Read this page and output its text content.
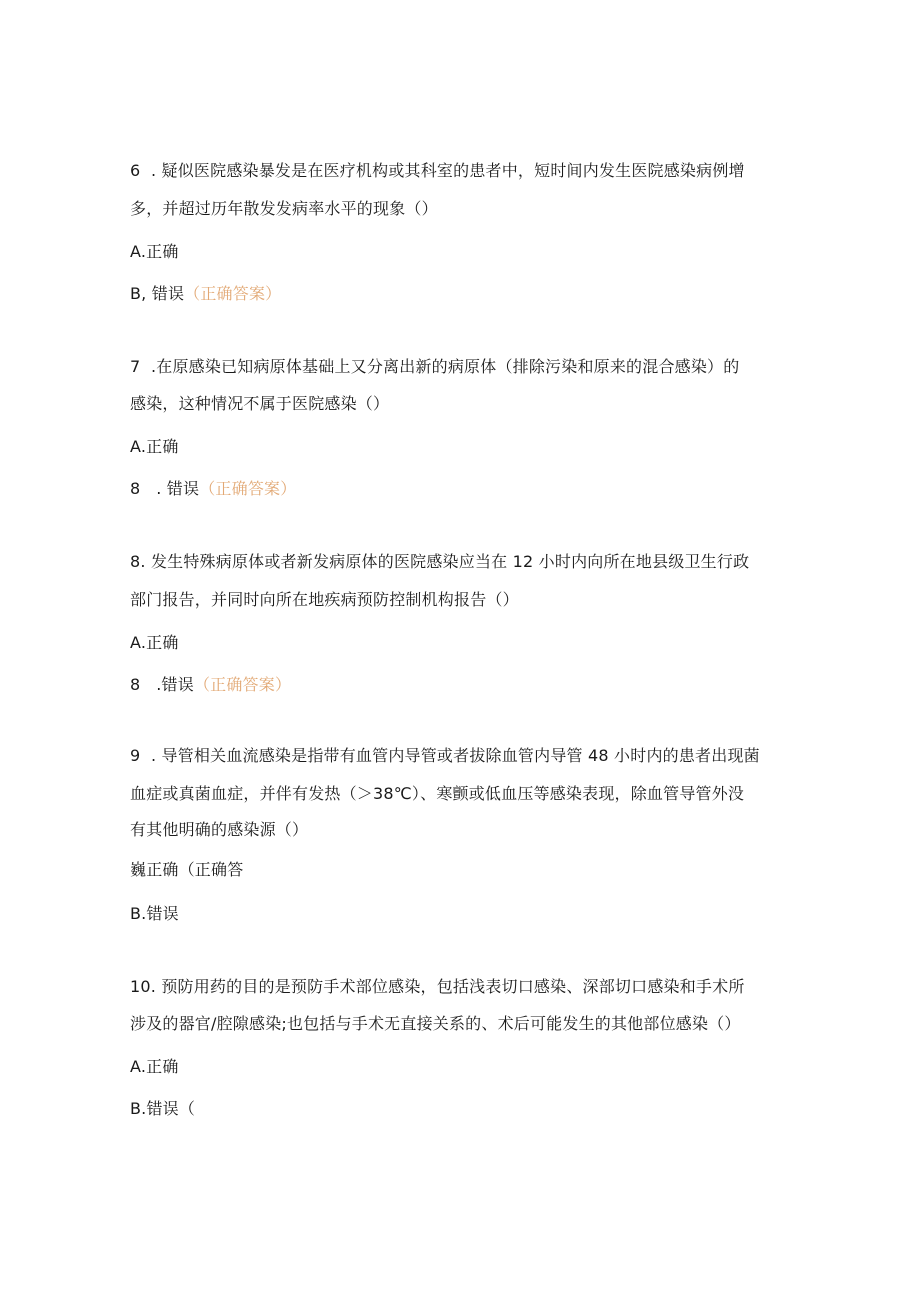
6  . 疑似医院感染暴发是在医疗机构或其科室的患者中，短时间内发生医院感染病例增
多，并超过历年散发发病率水平的现象（）
A.正确
B, 错误（正确答案）
7  .在原感染已知病原体基础上又分离出新的病原体（排除污染和原来的混合感染）的
感染，这种情况不属于医院感染（）
A.正确
8   . 错误（正确答案）
8. 发生特殊病原体或者新发病原体的医院感染应当在 12 小时内向所在地县级卫生行政
部门报告，并同时向所在地疾病预防控制机构报告（）
A.正确
8   .错误（正确答案）
9  . 导管相关血流感染是指带有血管内导管或者拔除血管内导管 48 小时内的患者出现菌
血症或真菌血症，并伴有发热（＞38℃）、寒颤或低血压等感染表现，除血管导管外没
有其他明确的感染源（）
巍正确（正确答
B.错误
10. 预防用药的目的是预防手术部位感染，包括浅表切口感染、深部切口感染和手术所
涉及的器官/腔隙感染;也包括与手术无直接关系的、术后可能发生的其他部位感染（）
A.正确
B.错误（
